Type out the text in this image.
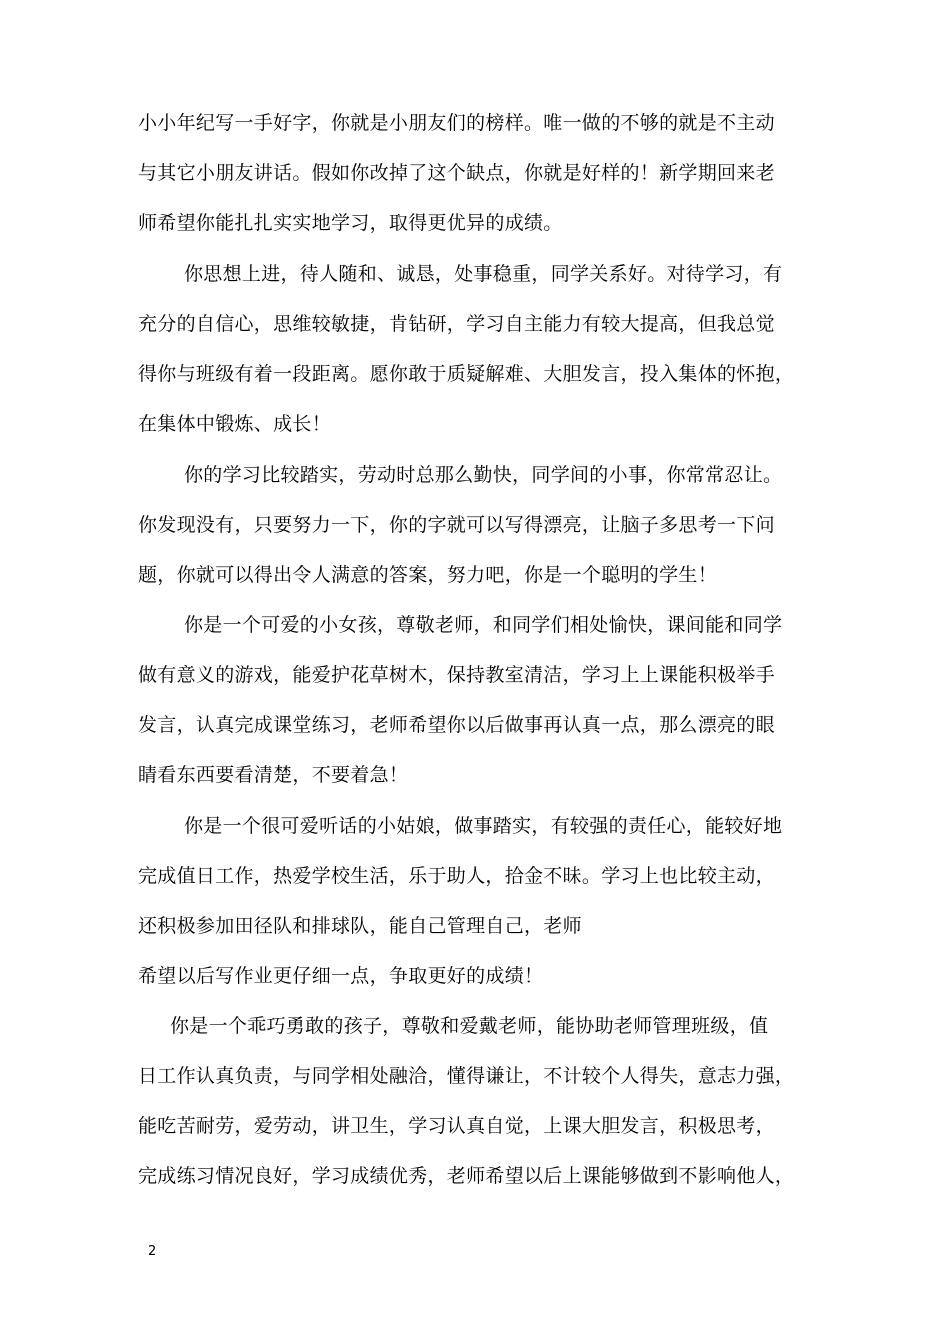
小小年纪写一手好字，你就是小朋友们的榜样。唯一做的不够的就是不主动
与其它小朋友讲话。假如你改掉了这个缺点，你就是好样的！新学期回来老
师希望你能扎扎实实地学习，取得更优异的成绩。
你思想上进，待人随和、诚恳，处事稳重，同学关系好。对待学习，有
充分的自信心，思维较敏捷，肯钻研，学习自主能力有较大提高，但我总觉
得你与班级有着一段距离。愿你敢于质疑解难、大胆发言，投入集体的怀抱，
在集体中锻炼、成长！
你的学习比较踏实，劳动时总那么勤快，同学间的小事，你常常忍让。
你发现没有，只要努力一下，你的字就可以写得漂亮，让脑子多思考一下问
题，你就可以得出令人满意的答案，努力吧，你是一个聪明的学生！
你是一个可爱的小女孩，尊敬老师，和同学们相处愉快，课间能和同学
做有意义的游戏，能爱护花草树木，保持教室清洁，学习上上课能积极举手
发言，认真完成课堂练习，老师希望你以后做事再认真一点，那么漂亮的眼
睛看东西要看清楚，不要着急！
你是一个很可爱听话的小姑娘，做事踏实，有较强的责任心，能较好地
完成值日工作，热爱学校生活，乐于助人，拾金不昧。学习上也比较主动，
还积极参加田径队和排球队，能自己管理自己，老师
希望以后写作业更仔细一点，争取更好的成绩！
你是一个乖巧勇敢的孩子，尊敬和爱戴老师，能协助老师管理班级，值
日工作认真负责，与同学相处融洽，懂得谦让，不计较个人得失，意志力强，
能吃苦耐劳，爱劳动，讲卫生，学习认真自觉，上课大胆发言，积极思考，
完成练习情况良好，学习成绩优秀，老师希望以后上课能够做到不影响他人，
2
